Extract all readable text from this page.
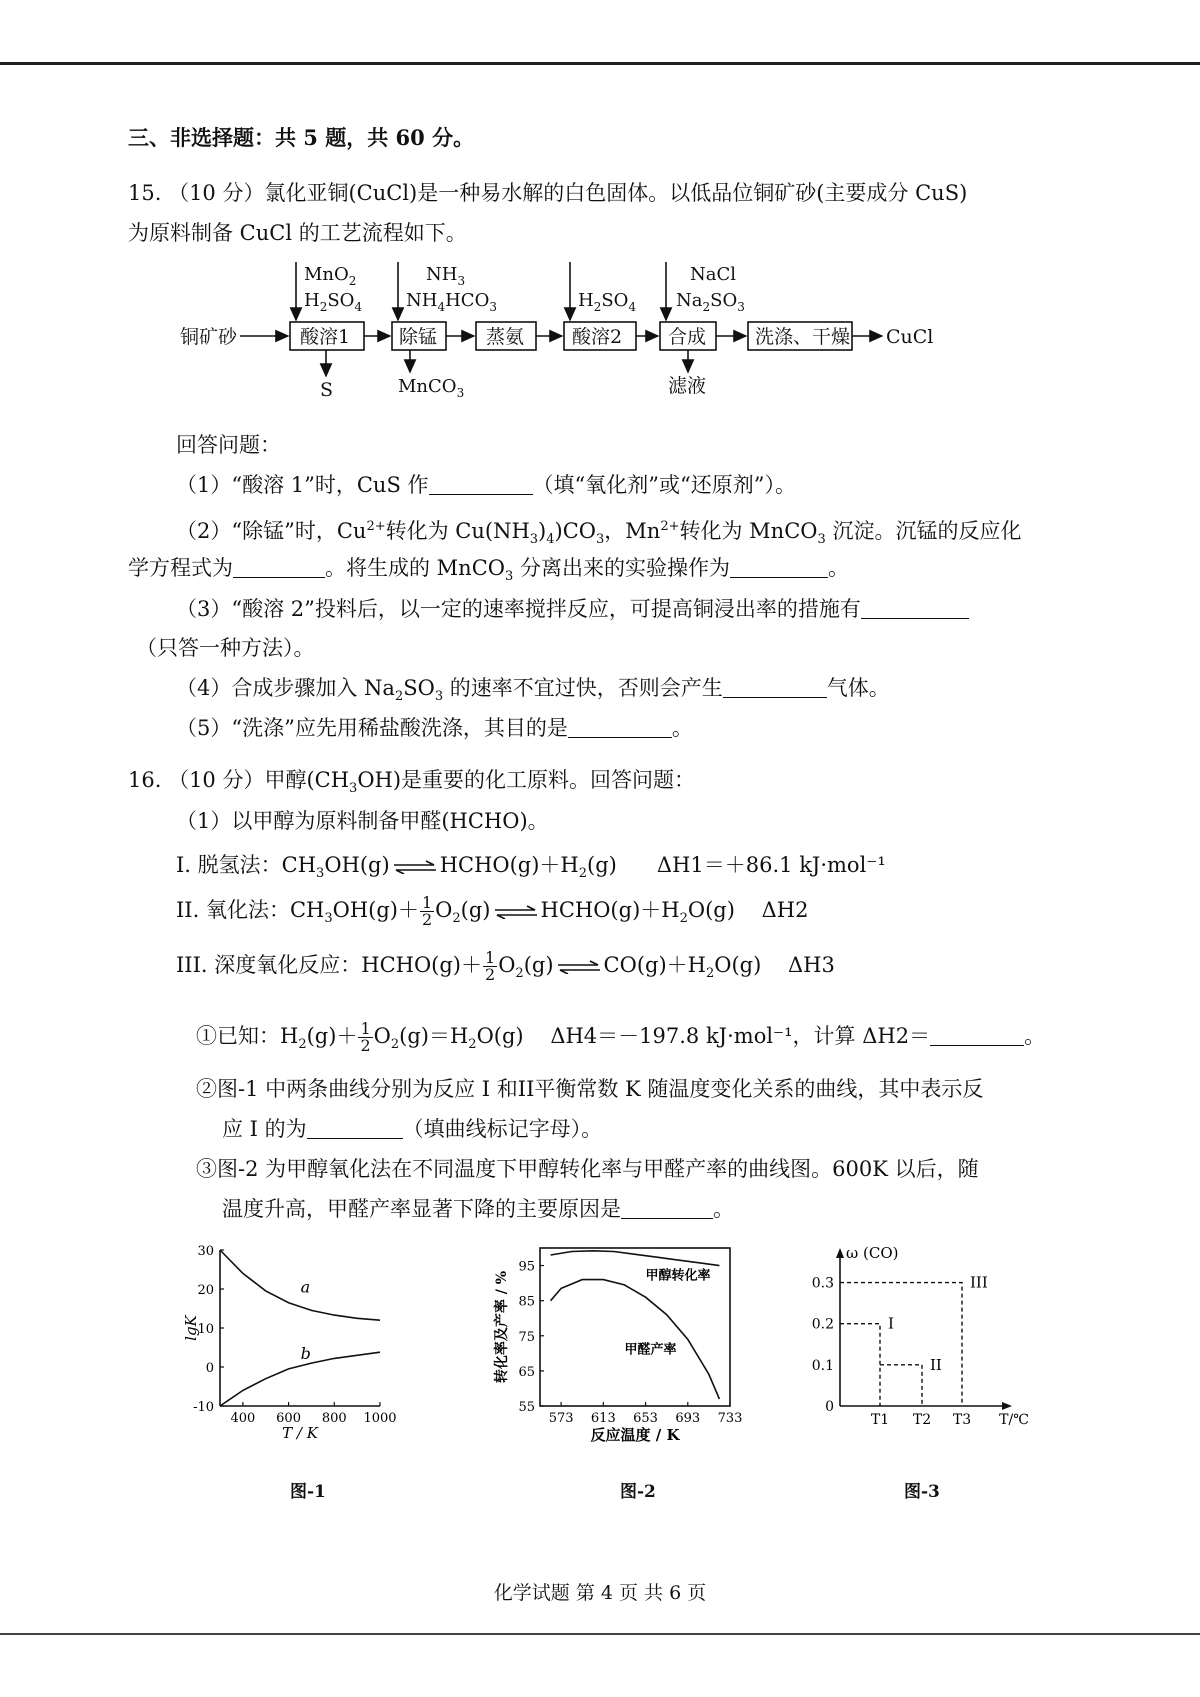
三、非选择题：共 5 题，共 60 分。
15. （10 分）氯化亚铜(CuCl)是一种易水解的白色固体。以低品位铜矿砂(主要成分 CuS)
为原料制备 CuCl 的工艺流程如下。
铜矿砂	酸溶1	除锰	蒸氨	酸溶2 合成	洗涤、干燥 CuCl
MnO$_2$
$H_2SO_4$
$NH_3$
$NH_4HCO_3$	$H_2SO_4$
NaCl
$Na_2SO_3$
S	MnCO$_3$	滤液
回答问题：
（1）“酸溶 1”时，CuS 作	（填“氧化剂”或“还原剂”）。
（2）“除锰”时，$Cu^{2+}$转化为 $Cu(NH_3)_4)CO_3$，$Mn^{2+}$转化为 MnCO$_3$ 沉淀。沉锰的反应化
学方程式为	。将生成的 MnCO$_3$ 分离出来的实验操作为	。
（3）“酸溶 2”投料后，以一定的速率搅拌反应，可提高铜浸出率的措施有
（只答一种方法）。
（4）合成步骤加入 $Na_2SO_3$ 的速率不宜过快，否则会产生	气体。
（5）“洗涤”应先用稀盐酸洗涤，其目的是	。
16. （10 分）甲醇$(CH_3OH)$是重要的化工原料。回答问题：
（1）以甲醇为原料制备甲醛(HCHO)。
I. 脱氢法：$CH_3OH(g)$ ⇌ $HCHO(g)+H_2(g)$      ΔH1＝＋86.1 kJ·mol⁻¹
II. 氧化法：$CH_3OH(g)+ \frac{1}{2} O_2(g)$ ⇌ $HCHO(g)+H_2O(g)$    ΔH2
III. 深度氧化反应：HCHO(g)＋ $\frac{1}{2} O_2(g)$ ⇌ $CO(g)+H_2O(g)$    ΔH3
①已知：$H_2(g)+ \frac{1}{2} O_2(g)=H_2O(g)$    ΔH4＝－197.8 kJ·mol⁻¹，计算 ΔH2＝	。
②图-1 中两条曲线分别为反应 I 和II平衡常数 K 随温度变化关系的曲线，其中表示反
应 I 的为	（填曲线标记字母）。
③图-2 为甲醇氧化法在不同温度下甲醇转化率与甲醛产率的曲线图。600K 以后，随
温度升高，甲醛产率显著下降的主要原因是	。
-10
0
10
20
30
400 600 800 1000
T / K
lgK
a
b
55
65
75
85
95
573 613 653 693 733
反应温度 / K
转化率及产率 / %	甲醇转化率
甲醛产率
ω (CO)
0
0.1
0.2
0.3
T1 T2 T3 T/℃
I
II
III
图-1	图-2	图-3
化学试题 第 4 页 共 6 页
